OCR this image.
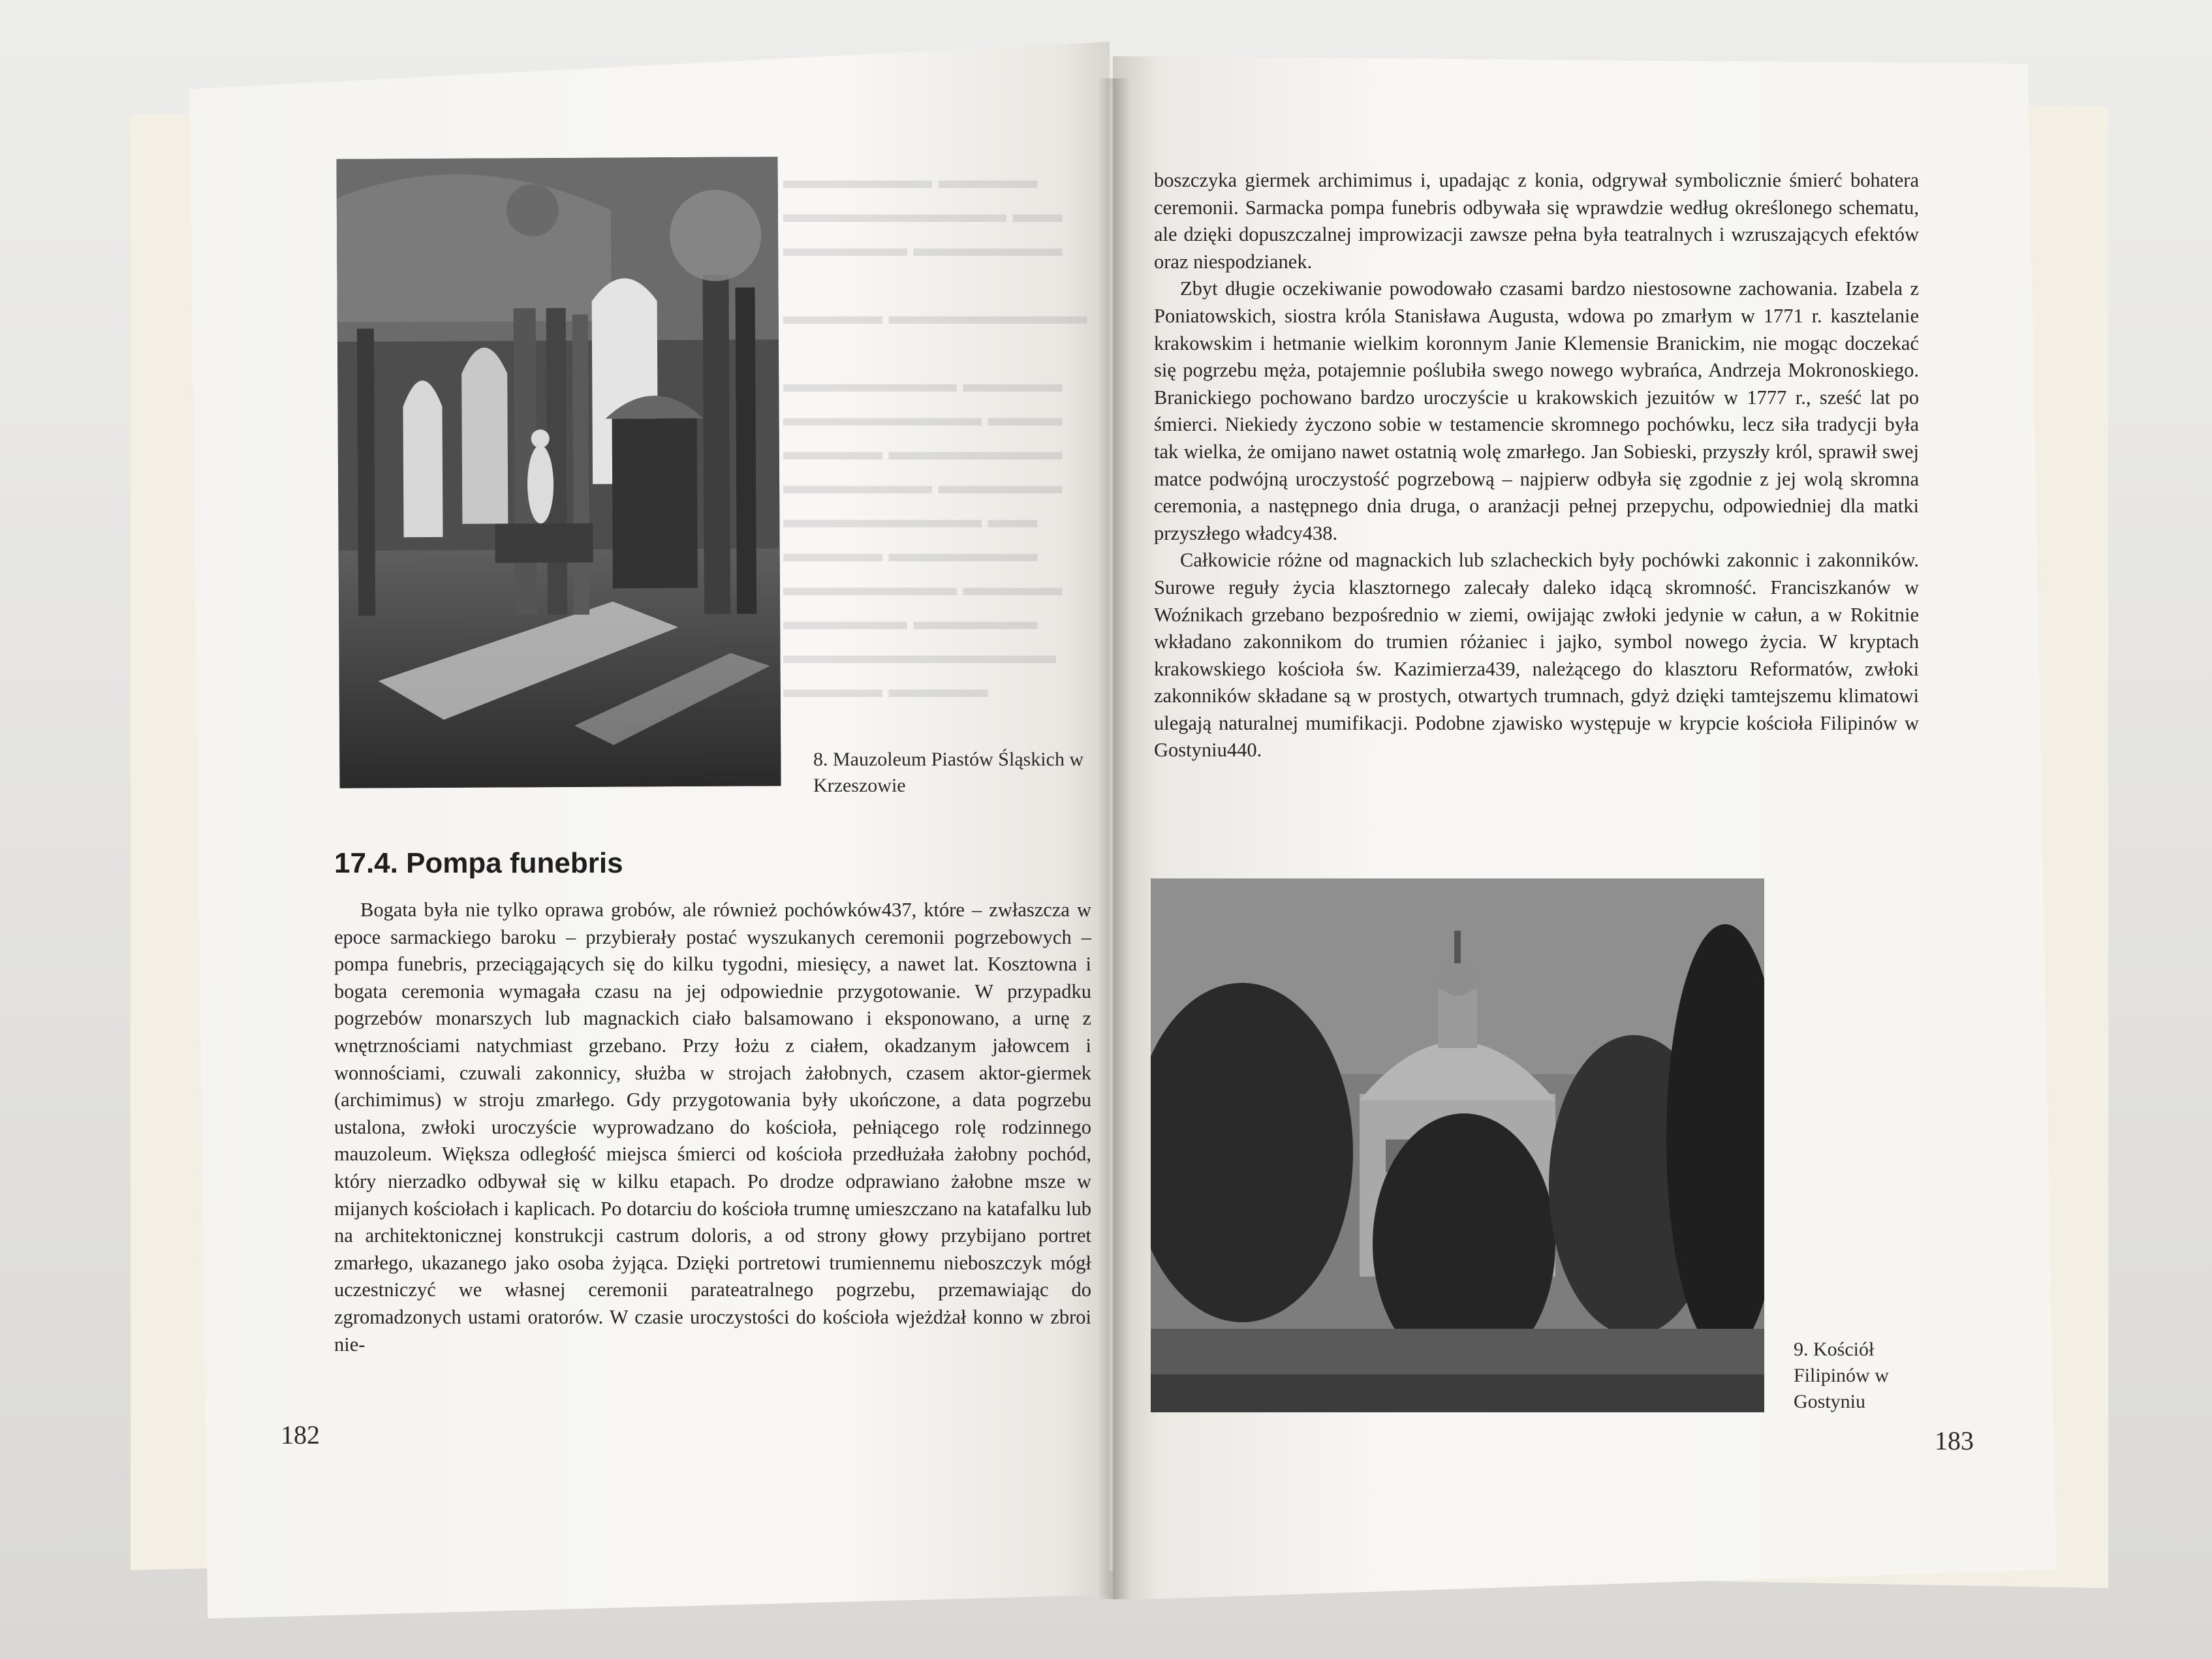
▬▬▬▬▬▬ ▬▬▬▬
▬▬▬▬▬▬▬▬▬ ▬▬
▬▬▬▬▬ ▬▬▬▬▬▬

▬▬▬▬ ▬▬▬▬▬▬▬▬

▬▬▬▬▬▬▬ ▬▬▬▬
▬▬▬▬▬▬▬▬ ▬▬▬
▬▬▬▬ ▬▬▬▬▬▬▬
▬▬▬▬▬▬ ▬▬▬▬▬
▬▬▬▬▬▬▬▬ ▬▬
▬▬▬▬ ▬▬▬▬▬▬
▬▬▬▬▬▬▬ ▬▬▬▬
▬▬▬▬▬ ▬▬▬▬▬
▬▬▬▬▬▬▬▬▬▬▬
▬▬▬▬ ▬▬▬▬
8. Mauzoleum Piastów Śląskich w Krzeszowie
17.4. Pompa funebris

Bogata była nie tylko oprawa grobów, ale również pochówków437, które – zwłaszcza w epoce sarmackiego baroku – przybierały postać wyszukanych ceremonii pogrzebowych – pompa funebris, przeciągających się do kilku tygodni, miesięcy, a nawet lat. Kosztowna i bogata ceremonia wymagała czasu na jej odpowiednie przygotowanie. W przypadku pogrzebów monarszych lub magnackich ciało balsamowano i eksponowano, a urnę z wnętrznościami natychmiast grzebano. Przy łożu z ciałem, okadzanym jałowcem i wonnościami, czuwali zakonnicy, służba w strojach żałobnych, czasem aktor-giermek (archimimus) w stroju zmarłego. Gdy przygotowania były ukończone, a data pogrzebu ustalona, zwłoki uroczyście wyprowadzano do kościoła, pełniącego rolę rodzinnego mauzoleum. Większa odległość miejsca śmierci od kościoła przedłużała żałobny pochód, który nierzadko odbywał się w kilku etapach. Po drodze odprawiano żałobne msze w mijanych kościołach i kaplicach. Po dotarciu do kościoła trumnę umieszczano na katafalku lub na architektonicznej konstrukcji castrum doloris, a od strony głowy przybijano portret zmarłego, ukazanego jako osoba żyjąca. Dzięki portretowi trumiennemu nieboszczyk mógł uczestniczyć we własnej ceremonii parateatralnego pogrzebu, przemawiając do zgromadzonych ustami oratorów. W czasie uroczystości do kościoła wjeżdżał konno w zbroi nie-

182

boszczyka giermek archimimus i, upadając z konia, odgrywał symbolicznie śmierć bohatera ceremonii. Sarmacka pompa funebris odbywała się wprawdzie według określonego schematu, ale dzięki dopuszczalnej improwizacji zawsze pełna była teatralnych i wzruszających efektów oraz niespodzianek.

Zbyt długie oczekiwanie powodowało czasami bardzo niestosowne zachowania. Izabela z Poniatowskich, siostra króla Stanisława Augusta, wdowa po zmarłym w 1771 r. kasztelanie krakowskim i hetmanie wielkim koronnym Janie Klemensie Branickim, nie mogąc doczekać się pogrzebu męża, potajemnie poślubiła swego nowego wybrańca, Andrzeja Mokronoskiego. Branickiego pochowano bardzo uroczyście u krakowskich jezuitów w 1777 r., sześć lat po śmierci. Niekiedy życzono sobie w testamencie skromnego pochówku, lecz siła tradycji była tak wielka, że omijano nawet ostatnią wolę zmarłego. Jan Sobieski, przyszły król, sprawił swej matce podwójną uroczystość pogrzebową – najpierw odbyła się zgodnie z jej wolą skromna ceremonia, a następnego dnia druga, o aranżacji pełnej przepychu, odpowiedniej dla matki przyszłego władcy438.

Całkowicie różne od magnackich lub szlacheckich były pochówki zakonnic i zakonników. Surowe reguły życia klasztornego zalecały daleko idącą skromność. Franciszkanów w Woźnikach grzebano bezpośrednio w ziemi, owijając zwłoki jedynie w całun, a w Rokitnie wkładano zakonnikom do trumien różaniec i jajko, symbol nowego życia. W kryptach krakowskiego kościoła św. Kazimierza439, należącego do klasztoru Reformatów, zwłoki zakonników składane są w prostych, otwartych trumnach, gdyż dzięki tamtejszemu klimatowi ulegają naturalnej mumifikacji. Podobne zjawisko występuje w krypcie kościoła Filipinów w Gostyniu440.

9. Kościół Filipinów w Gostyniu
183
